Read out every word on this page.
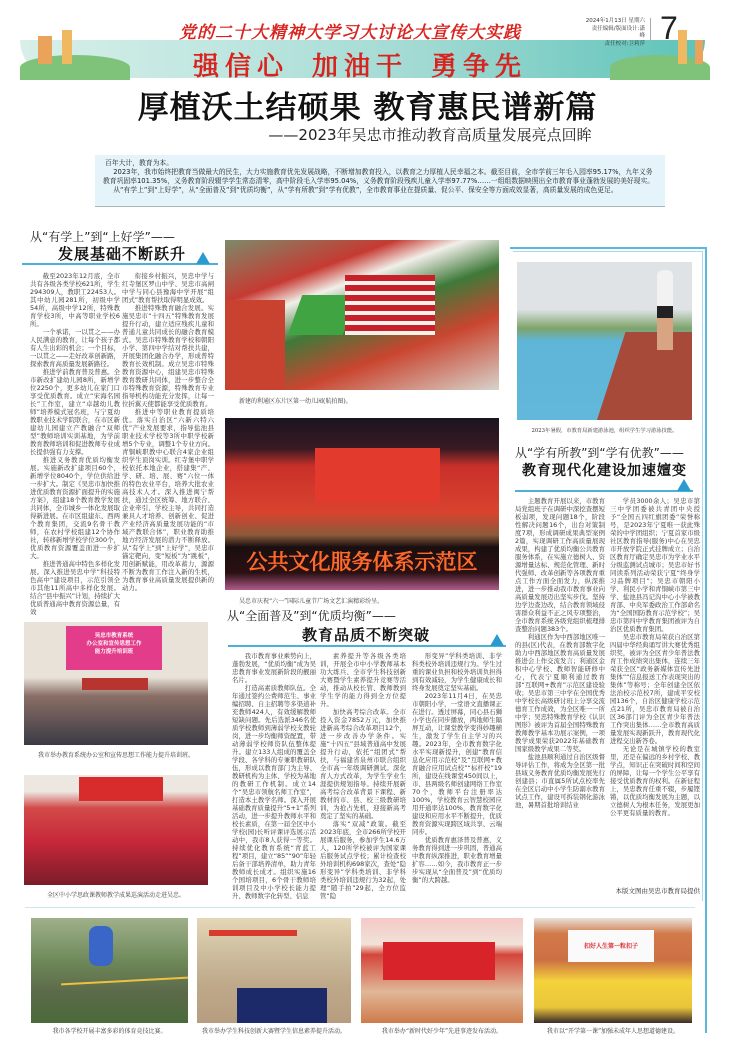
党的二十大精神大学习大讨论大宣传大实践
强信心 加油干 勇争先
2024年1月13日 星期六
责任编辑/版面设计:潇 峰
责任校对:卫莉萍 7
厚植沃土结硕果 教育惠民谱新篇
——2023年吴忠市推动教育高质量发展亮点回眸

百年大计，教育为本。

2023年，我市始终把教育当做最大的民生，大力实施教育优先发展战略，不断增加教育投入，以教育之力厚植人民幸福之本。截至目前，全市学前三年毛入园率95.17%，九年义务教育巩固率101.35%，义务教育阶段辍学学生常态清零，高中阶段毛入学率95.04%，义务教育阶段残疾儿童入学率97.77%……一组组数据映照出全市教育事业蓬勃发展的美好现实。

从“有学上”到“上好学”，从“全面普及”到“优质均衡”，从“学有所教”到“学有优教”，全市教育事业在提质量、促公平、保安全等方面成效显著，高质量发展的成色更足。

从“有学上”到“上好学”——
发展基础不断跃升

截至2023年12月底，全市共有各级各类学校621所，学生294309人，教职工22453人。其中幼儿园281所，初级中学54所，高级中学12所，特殊教育学校3所，中高等职业学校6所。

一个承诺，一以贯之——办人民满意的教育，让每个孩子都有人生出彩的机会；一个目标，一以贯之——走好改革创新路，探索教育高质量发展新路径。

推进学前教育普及普惠。全市新改扩建幼儿园8所，新增学位2250个，更多幼儿在家门口享受优质教育。成立“宋海名园长”工作室，建立“卓越幼儿教师”培养模式冠名班，与宁夏幼教职业技术学院联合，在市区新建幼儿园建立产教融合“双师型”教师培训实训基地，为学前教育教师培训和促进教师专业成长提供强有力支撑。

推进义务教育优质均衡发展。实施新改扩建项目60个，新增学位8040个，学位供给进一步扩大。制定《吴忠市加快推进优质教育资源扩面提升的实施方案》，组建18个教育教学发展共同体，全市城乡一体化发展取得新进展。在市区组建东、西两个教育集团，交流9名骨干教师，在农村学校组建12个协作社，转移新增学校学位300个，优质教育资源覆盖面进一步扩大。

推进普通高中特色多样化发展。深入推进吴忠中学“科技特色高中”建设项目，示范引领全市其他11所高中多样化发展。结合“县中振兴”计划，持续扩大优质普通高中教育资源总量，有效

衔接乡村振兴，吴忠中学与红寺堡区罗山中学、吴忠市高闸中学与同心县豫海中学开展“组团式”教育帮扶取得明显成效。

推进特殊教育融合发展。实施吴忠市“十四五”特殊教育发展提升行动，建立适应残疾儿童和普通儿童共同成长的融合教育模式。吴忠市特殊教育学校和朝阳小学、第四中学结对帮扶共建，开展集团化融合办学，形成普特教育长效机制。成立吴忠市特殊教育资源中心，组建吴忠市特殊教育教研共同体，进一步整合全市特殊教育资源，特殊教育专业指导机构功能充分发挥，让每一位折翼天使都能享受优质教育。

推进中等职业教育提质培优。落实自治区“六新六特六优”产业发展要求，指导盐池县职业技术学校等3所中职学校新增5个专业，调整1个专业方向。青铜峡职教中心联合4家企业组织学生顶岗实训。红寺堡中职学校依托本地企业，搭建集“产、学、研、培、展、赛”六位一体的特色农业平台，培养大批农业高技术人才。深入推进闽宁帮扶，通过全区统筹、地方联合、企业牵引、学校主导，共同打造兼具人才培养、创新创业、促进产业经济高质量发展功能的“市域产教联合体”，职业教育助推地方经济发展的潜力不断释放。从“有学上”到“上好学”，吴忠市锚定靶向，变“短板”为“跳板”，用创新赋能，用改革蓄力，源源不断为教育工作注入新的生机，为教育事业高质量发展提供新的动力。

吴忠市教育系统
办公室和宣传思想工作
能力提升培训班
我市举办教育系统办公室和宣传思想工作能力提升培训班。
全区中小学思政课教师教学成果巡演活动走进吴忠。
新建的利通区东片区第一幼儿园(航拍图)。
公共文化服务体系示范区
吴忠市庆祝“六一”国际儿童节广场文艺汇演精彩纷呈。
从“全面普及”到“优质均衡”——
教育品质不断突破

我市教育事业乘势向上，蓬勃发展，“优质均衡”成为吴忠教育事业发展新阶段的靓丽名片。

打造高素质教师队伍。全年通过签约公费师范生、事业编招聘、自主招聘等多渠道补充教师424人，有效缓解教师短缺问题。先后选派346名优质学校教师到薄弱学校支教轮岗，进一步均衡师资配置，带动薄弱学校师资队伍整体提升。建立133人组成的覆盖全学段、各学科的专兼职教研队伍，形成以教育部门为主导、教研机构为主体、学校为基地的教研工作机制。成立14个“吴忠市领航名师工作室”，打造本土教学名师。深入开展基础教育质量提升“5+1”系列活动，进一步提升教师水平和校长素质，在第一届全区中小学校(园)长听评课评选展示活动中，我市8人获得一等奖。持续优化教育系统“青蓝工程”项目，建立“85”“90”年轻后备干部培养清单，助力青年教师成长成才。组织实施16个国培项目，6个骨干教师培训项目及中小学校长能力提升、教师数字化转型、信息

素养提升等各级各类培训，开展全市中小学教师基本功大练兵、全市学生科技创新大赛暨学生素养提升竞赛等活动，推动从校长管、教师教到学生学的能力得到全方位提升。

加快高考综合改革。全市投入资金7852万元，加快推进新高考综合改革项目12个，进一步改善办学条件。实施“十四五”县域普通高中发展提升行动，依托“组团式”帮扶，与福建省泉州市联合组织全市高一年级调研测试。深化育人方式改革，为学生学业生涯提供规划指导。持续开展新高考综合改革背景下课程、新教材的市、县、校三级教研培训，为抢占先机，迎接新高考奠定了坚实的基础。

落实“双减”政策。截至2023年底，全市266所学校开展课后服务，参加学生14.6万人，120所学校被评为国家课后服务试点学校；累计检查校外培训机构698家次，查处“隐形变异”学科类培训、非学科类校外培训违规行为32起，处理“随手拍”29起，全方位监管“隐

形变异”学科类培训、非学科类校外培训违规行为。学生过重的课业负担和校外培训负担得到有效减轻，为学生健康成长和终身发展奠定坚实基础。

2023年11月4日，在吴忠市朝阳小学，一堂语文直播课正在进行。透过屏幕，同心县石狮小学也在同步播放，两地师生隔屏互动，让课堂教学变得妙趣横生，激发了学生自主学习的兴趣。2023年，全市教育数字化水平实现新提升，创建“教育信息化应用示范校”及“互联网+教育融合应用试点校”“标杆校”19所，建设在线课堂450间以上，市、县两级名师创建网络工作室70个，教师平台注册率达100%，学校教育云智慧校园应用开通率达100%，教育数字化建设和应用水平不断提升，优质教育资源实现跨区域共享、云端同步。

优质教育惠泽普及普惠，义务教育得到进一步巩固，普通高中教育纵深推进，职业教育增量扩容……如今，我市教育正一步步实现从“全面普及”到“优质均衡”的大跨越。

2023年暑假，市教育局新建游泳池，组织学生学习游泳技能。
从“学有所教”到“学有优教”——
教育现代化建设加速嬗变

主题教育开展以来，市教育局党组班子在调研中深挖查摆短板弱项，发现问题18个，阶段性解决问题16个，出台对策制度7项，形成调研成果典型案例2篇，实现调研工作高质量展现成果，构建了优质均衡公共教育服务体系，在实施立德树人、资源增量达标、规范化管理、新时代强师、改革创新等各项教育重点工作方面全面发力，纵深推进，进一步推动我市教育事业向高质量发展迈出坚实步伐。坚持边学边查边改，结合教育领域侵害群众利益不正之风专项整治，全市教育系统各级党组织梳理排查整治问题383个。

利通区作为中西部地区唯一的县(区)代表，在教育部数字化助力中西部地区教育高质量发展推进会上作交流发言；利通区金积中心学校、教师智能研修中心，代表宁夏顺利通过教育部“互联网+教育”示范区建设验收；吴忠市第三中学在全国优秀中学校长高级研讨班上分享交流德育工作成效，为全区唯一一所中学；吴忠特殊教育学校《认识图形》被评为首届全国特殊教育教师教学基本功展示案例，一项教学成果荣获2022年基础教育国家级教学成果二等奖。

盐池县顺利通过自治区级督导评估工作，将成为全区第一批县域义务教育优质均衡发展先行创建县；市直属5所试点校率先在全区启动中小学生防溺水教育试点工作，建设可拆装钢化游泳池，暑期首批培训结业

学员3000余人；吴忠市第三中学团委被共青团中央授予“全国五四红旗团委”荣誉称号，是2023年宁夏唯一获此殊荣的中学团组织；宁夏首家市级社区教育指导(服务)中心在吴忠市开放学院正式挂牌成立；自治区教育厅确定吴忠市为学业水平分级监测试点城市；吴忠市好书同读系列活动荣获宁夏“终身学习品牌项目”；吴忠市朝阳小学、利民小学和青铜峡市第三中学、盐池县冯记沟中心小学被教育部、中央军委政治工作部命名为“全国国防教育示范学校”；吴忠市第四中学教育集团被评为自治区优质教育集团。

吴忠市教育局荣获自治区第四届中华经典诵写讲大赛优秀组织奖，被评为全区青少年普法教育工作成绩突出集体，连续三年荣获全区“政务新媒体宣传先进集体”“信息报送工作表现突出的集体”等称号；全年创建全区依法治校示范校7所，建成平安校园136个，自治区健康学校示范点21所，吴忠市教育局被自治区36部门评为全区青少年普法工作突出集体……全市教育高质量发展实现新跃升，教育现代化进程交出新答卷。

无论是在城镇学校的教室里，还是在偏远的乡村学校、教学点，知识正在突破时间和空间的屏障，让每一个学生公平享有接受优质教育的权利。在新征程上，吴忠教育任重不辍，步履铿锵，以优质均衡发展为主题，以立德树人为根本任务，发展更加公平更有质量的教育。

本版文图由吴忠市教育局提供
我市各学校开展丰富多彩的体育竞技比赛。	我市举办学生科技创新大赛暨学生信息素养提升活动。	我市举办“新时代好少年”先进事迹发布活动。
扣好人生第一粒扣子
我市以“开学第一课”加强未成年人思想道德建设。
